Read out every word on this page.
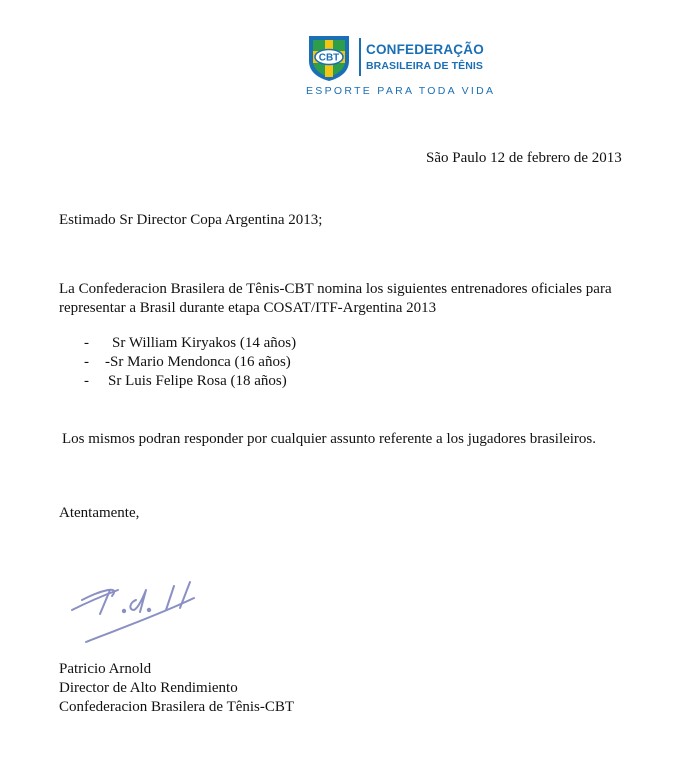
CBT
CONFEDERAÇÃO
BRASILEIRA DE TÊNIS
ESPORTE PARA TODA VIDA
São Paulo 12 de febrero de 2013
Estimado Sr Director Copa Argentina 2013;
La Confederacion Brasilera de Tênis-CBT nomina los siguientes entrenadores oficiales para
representar a Brasil durante etapa COSAT/ITF-Argentina 2013
-	Sr William Kiryakos (14 años)
-	-Sr Mario Mendonca (16 años)
-	Sr Luis Felipe Rosa (18 años)
Los mismos podran responder por cualquier assunto referente a los jugadores brasileiros.
Atentamente,
Patricio Arnold
Director de Alto Rendimiento
Confederacion Brasilera de Tênis-CBT
